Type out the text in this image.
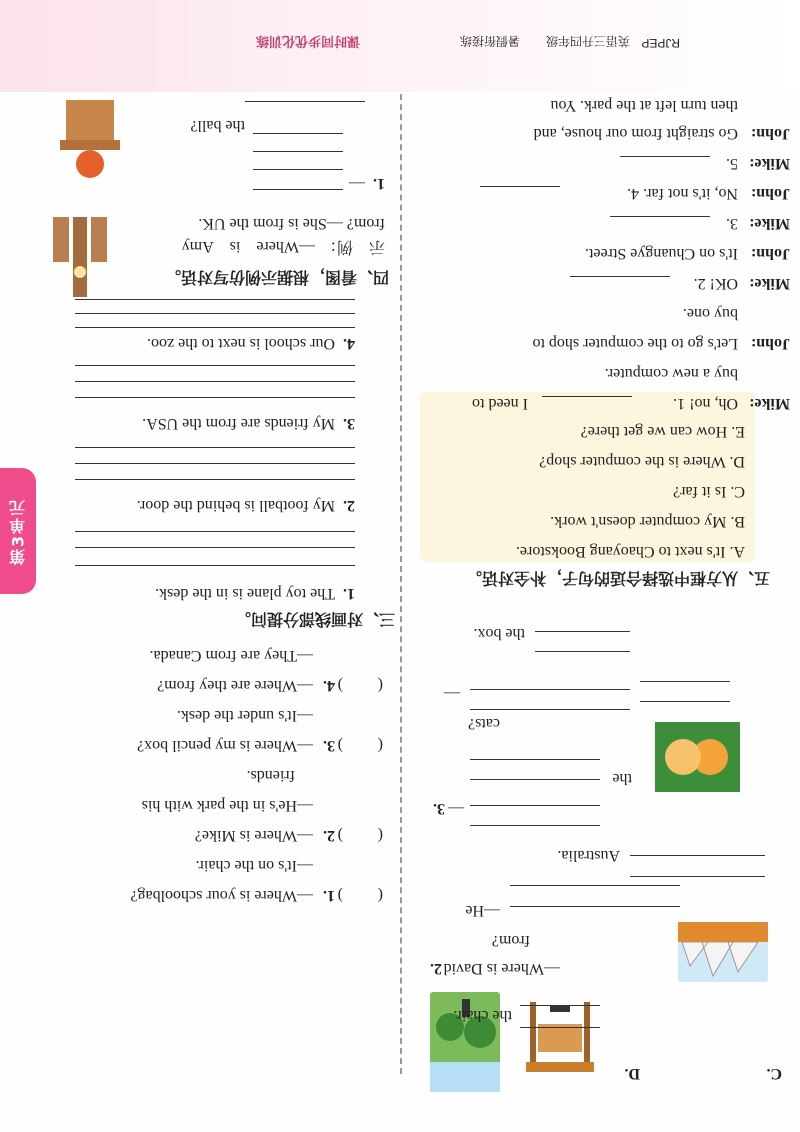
C.
D.
the chair.
2. —Where is David
from?
—He
Australia.
3. —
the
cats?
—
the box.
五、从方框中选择合适的句子，补全对话。
A. It's next to Chaoyang Bookstore.
B. My computer doesn't work.
C. Is it far?
D. Where is the computer shop?
E. How can we get there?
Mike:
Oh, no! 1.
I need to
buy a new computer.
John:
Let's go to the computer shop to
buy one.
Mike:
OK! 2.
John:
It's on Chuangye Street.
Mike:
3.
John:
No, it's not far. 4.
Mike:
5.
John:
Go straight from our house, and
then turn left at the park. You
(
)
1.
—Where is your schoolbag?
—It's on the chair.
(
)
2.
—Where is Mike?
—He's in the park with his
friends.
(
)
3.
—Where is my pencil box?
—It's under the desk.
(
)
4.
—Where are they from?
—They are from Canada.
三、对画线部分提问。
1.
The toy plane is in the desk.
2.
My football is behind the door.
3.
My friends are from the USA.
4.
Our school is next to the zoo.
四、看图，根据示例仿写对话。
示　例：
—Where　is　Amy
from? —She is from the UK.
1.
—
the ball?
第3单元
课时同步优化训练	暑假衔接练 英语三升四年级 RJPEP
